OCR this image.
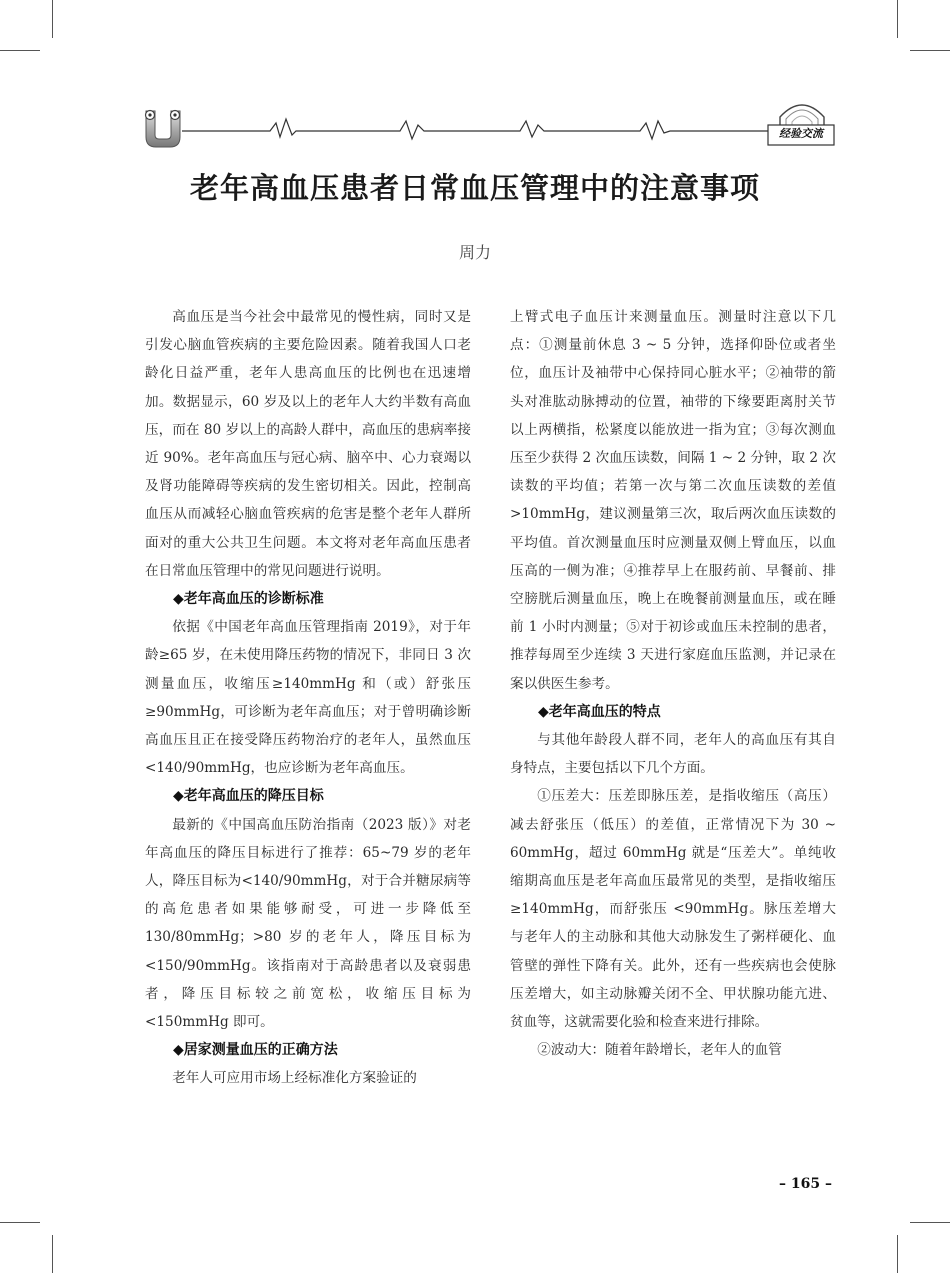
经验交流
老年高血压患者日常血压管理中的注意事项
周力

高血压是当今社会中最常见的慢性病，同时又是引发心脑血管疾病的主要危险因素。随着我国人口老龄化日益严重，老年人患高血压的比例也在迅速增加。数据显示，60 岁及以上的老年人大约半数有高血压，而在 80 岁以上的高龄人群中，高血压的患病率接近 90%。老年高血压与冠心病、脑卒中、心力衰竭以及肾功能障碍等疾病的发生密切相关。因此，控制高血压从而减轻心脑血管疾病的危害是整个老年人群所面对的重大公共卫生问题。本文将对老年高血压患者在日常血压管理中的常见问题进行说明。

◆老年高血压的诊断标准

依据《中国老年高血压管理指南 2019》，对于年龄≥65 岁，在未使用降压药物的情况下，非同日 3 次测量血压，收缩压≥140mmHg 和（或）舒张压≥90mmHg，可诊断为老年高血压；对于曾明确诊断高血压且正在接受降压药物治疗的老年人，虽然血压 <140/90mmHg，也应诊断为老年高血压。

◆老年高血压的降压目标

最新的《中国高血压防治指南（2023 版）》对老年高血压的降压目标进行了推荐：65~79 岁的老年人，降压目标为<140/90mmHg，对于合并糖尿病等的高危患者如果能够耐受，可进一步降低至 130/80mmHg；>80 岁的老年人，降压目标为 <150/90mmHg。该指南对于高龄患者以及衰弱患者，降压目标较之前宽松，收缩压目标为 <150mmHg 即可。

◆居家测量血压的正确方法

老年人可应用市场上经标准化方案验证的

上臂式电子血压计来测量血压。测量时注意以下几点：①测量前休息 3 ~ 5 分钟，选择仰卧位或者坐位，血压计及袖带中心保持同心脏水平；②袖带的箭头对准肱动脉搏动的位置，袖带的下缘要距离肘关节以上两横指，松紧度以能放进一指为宜；③每次测血压至少获得 2 次血压读数，间隔 1 ~ 2 分钟，取 2 次读数的平均值；若第一次与第二次血压读数的差值 >10mmHg，建议测量第三次，取后两次血压读数的平均值。首次测量血压时应测量双侧上臂血压，以血压高的一侧为准；④推荐早上在服药前、早餐前、排空膀胱后测量血压，晚上在晚餐前测量血压，或在睡前 1 小时内测量；⑤对于初诊或血压未控制的患者，推荐每周至少连续 3 天进行家庭血压监测，并记录在案以供医生参考。

◆老年高血压的特点

与其他年龄段人群不同，老年人的高血压有其自身特点，主要包括以下几个方面。

①压差大：压差即脉压差，是指收缩压（高压）减去舒张压（低压）的差值，正常情况下为 30 ~ 60mmHg，超过 60mmHg 就是“压差大”。单纯收缩期高血压是老年高血压最常见的类型，是指收缩压≥140mmHg，而舒张压 <90mmHg。脉压差增大与老年人的主动脉和其他大动脉发生了粥样硬化、血管壁的弹性下降有关。此外，还有一些疾病也会使脉压差增大，如主动脉瓣关闭不全、甲状腺功能亢进、贫血等，这就需要化验和检查来进行排除。

②波动大：随着年龄增长，老年人的血管

– 165 –
